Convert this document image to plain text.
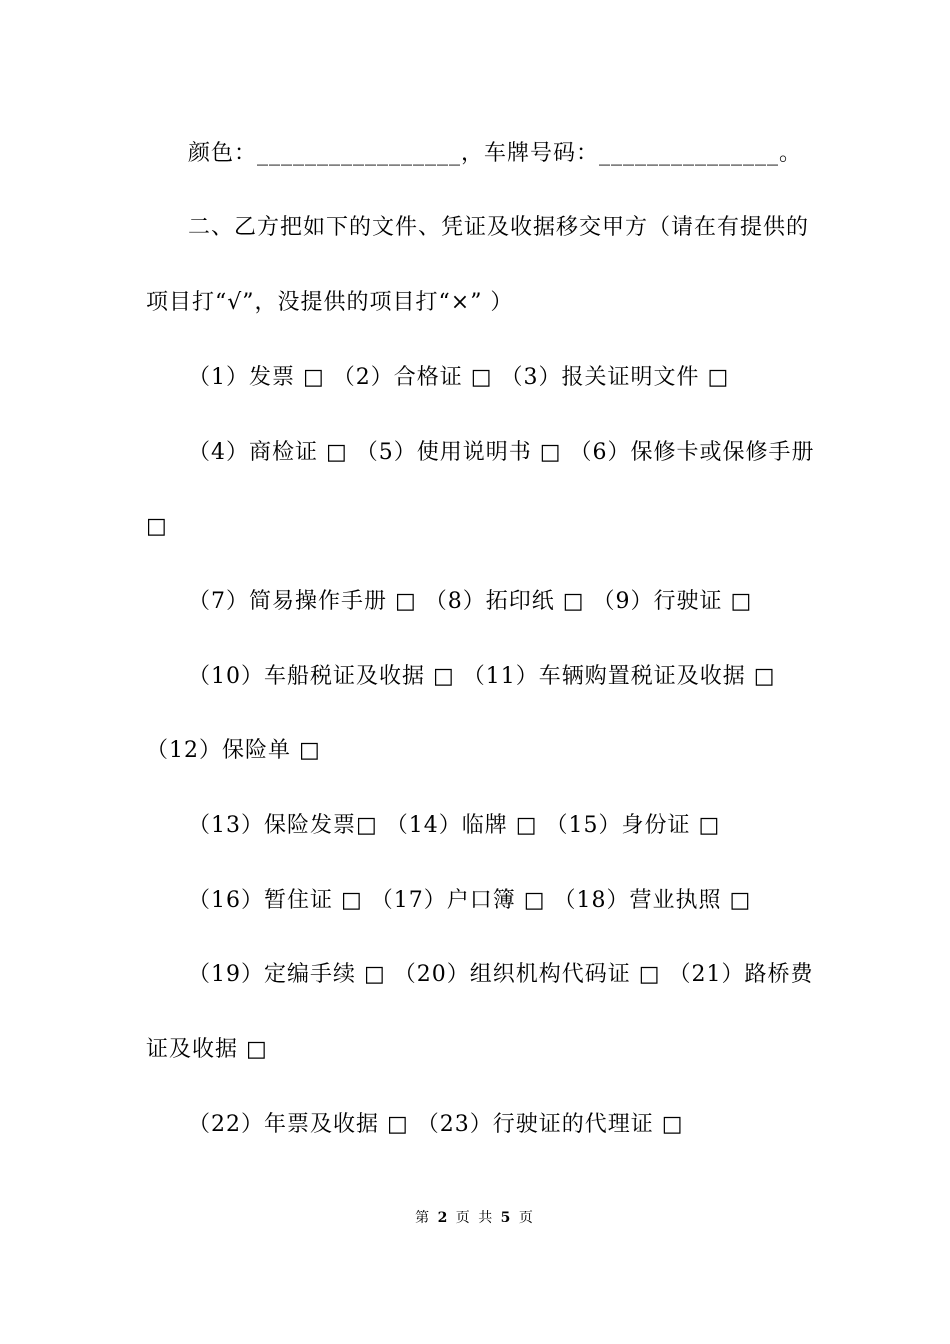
颜色：_________________，车牌号码：_______________。
二、乙方把如下的文件、凭证及收据移交甲方（请在有提供的
项目打“√”，没提供的项目打“×” ）
（1）发票 □ （2）合格证 □ （3）报关证明文件 □
（4）商检证 □ （5）使用说明书 □ （6）保修卡或保修手册
□
（7）简易操作手册 □ （8）拓印纸 □ （9）行驶证 □
（10）车船税证及收据 □ （11）车辆购置税证及收据 □
（12）保险单 □
（13）保险发票□ （14）临牌 □ （15）身份证 □
（16）暂住证 □ （17）户口簿 □ （18）营业执照 □
（19）定编手续 □ （20）组织机构代码证 □ （21）路桥费
证及收据 □
（22）年票及收据 □ （23）行驶证的代理证 □
第 2 页 共 5 页
